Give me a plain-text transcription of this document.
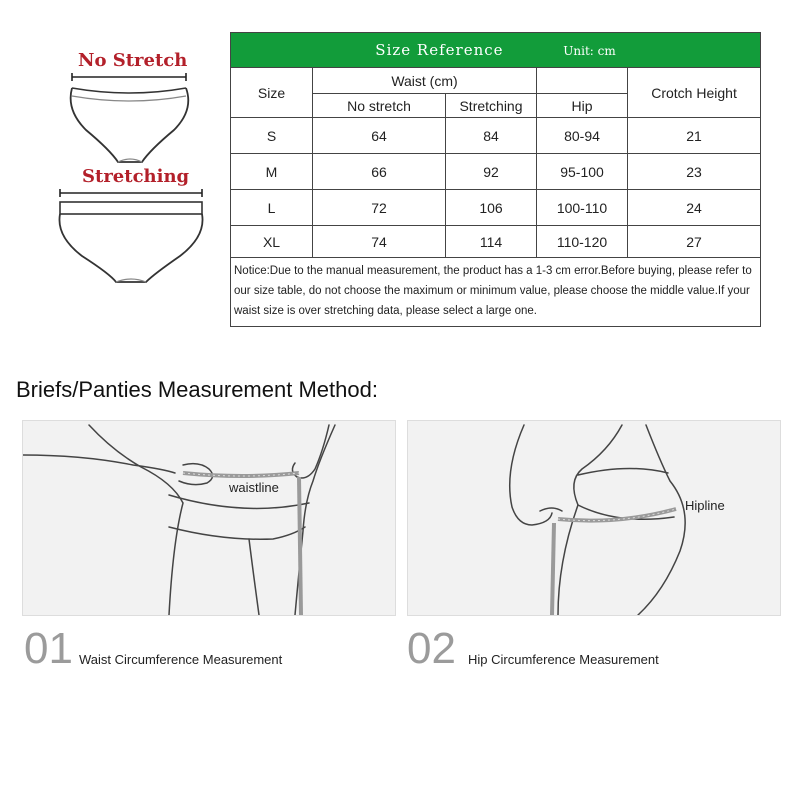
No Stretch
Stretching
Size Reference Unit: cm				
Size	Waist (cm)			Crotch Height
	No stretch	Stretching	Hip	
S	64	84	80-94	21
M	66	92	95-100	23
L	72	106	100-110	24
XL	74	114	110-120	27
Notice:Due to the manual measurement, the product has a 1-3 cm error.Before buying, please refer to our size table, do not choose the maximum or minimum value, please choose the middle value.If your waist size is over stretching data, please select a large one.				
Briefs/Panties Measurement Method:
waistline
Hipline
01 Waist Circumference Measurement	02 Hip Circumference Measurement
